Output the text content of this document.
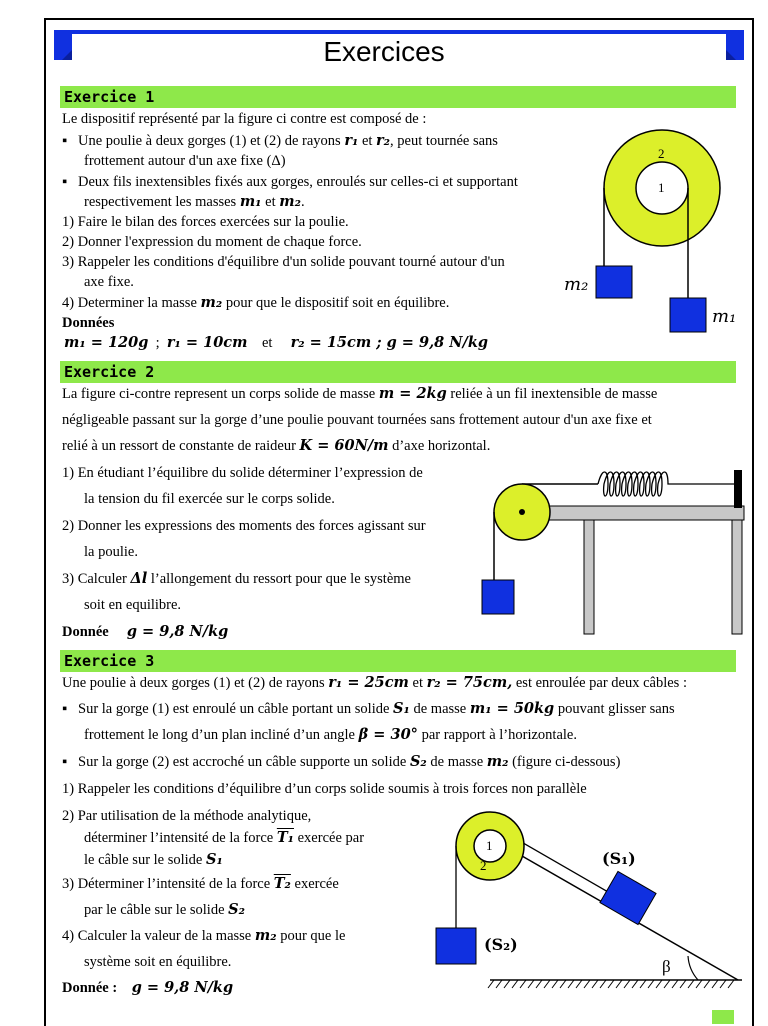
Exercices
Exercice 1
Le dispositif représenté par la figure ci contre est composé de :
▪ Une poulie à deux gorges (1) et (2) de rayons r₁ et r₂, peut tournée sans
frottement autour d'un axe fixe (Δ)
▪ Deux fils inextensibles fixés aux gorges, enroulés sur celles-ci et supportant
respectivement les masses m₁ et m₂.
1) Faire le bilan des forces exercées sur la poulie.
2) Donner l'expression du moment de chaque force.
3) Rappeler les conditions d'équilibre d'un solide pouvant tourné autour d'un
axe fixe.
4) Determiner la masse m₂ pour que le dispositif soit en équilibre.
Données
m₁ = 120g ; r₁ = 10cm et r₂ = 15cm ; g = 9,8 N/kg
1
2
m₂
m₁
Exercice 2
La figure ci-contre represent un corps solide de masse m = 2kg reliée à un fil inextensible de masse
négligeable passant sur la gorge d’une poulie pouvant tournées sans frottement autour d'un axe fixe et
relié à un ressort de constante de raideur K = 60N/m d’axe horizontal.
1) En étudiant l’équilibre du solide déterminer l’expression de
la tension du fil exercée sur le corps solide.
2) Donner les expressions des moments des forces agissant sur
la poulie.
3) Calculer Δl l’allongement du ressort pour que le système
soit en equilibre.
Donnée g = 9,8 N/kg
Exercice 3
Une poulie à deux gorges (1) et (2) de rayons r₁ = 25cm et r₂ = 75cm, est enroulée par deux câbles :
▪ Sur la gorge (1) est enroulé un câble portant un solide S₁ de masse m₁ = 50kg pouvant glisser sans
frottement le long d’un plan incliné d’un angle β = 30° par rapport à l’horizontale.
▪ Sur la gorge (2) est accroché un câble supporte un solide S₂ de masse m₂ (figure ci-dessous)
1) Rappeler les conditions d’équilibre d’un corps solide soumis à trois forces non parallèle
2) Par utilisation de la méthode analytique,
déterminer l’intensité de la force T₁ exercée par
le câble sur le solide S₁
3) Déterminer l’intensité de la force T₂ exercée
par le câble sur le solide S₂
4) Calculer la valeur de la masse m₂ pour que le
système soit en équilibre.
Donnée : g = 9,8 N/kg
1
2	(S₁)
(S₂)
β
